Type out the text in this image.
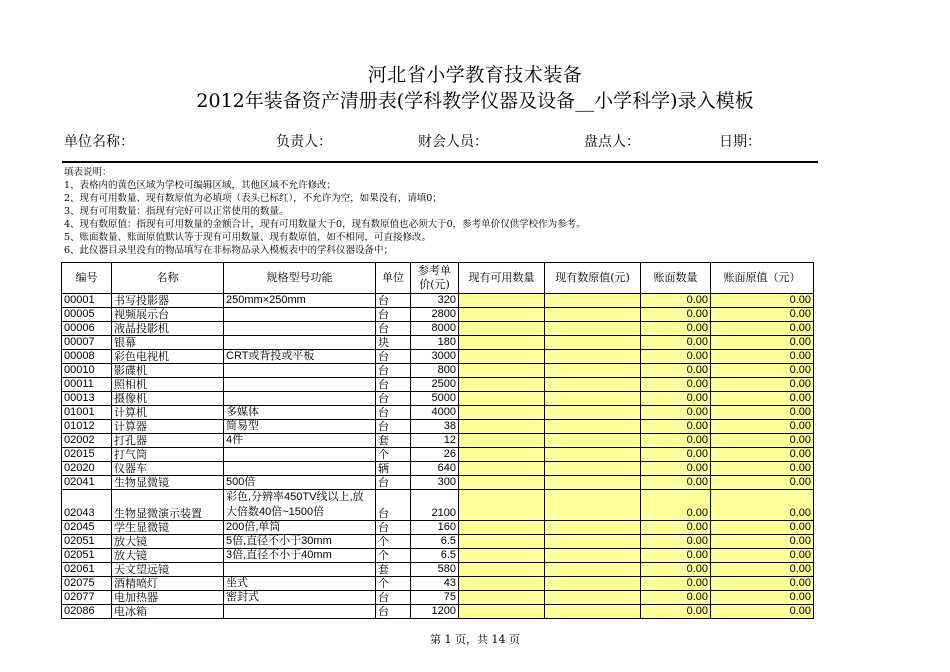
河北省小学教育技术装备
2012年装备资产清册表(学科教学仪器及设备__小学科学)录入模板
单位名称：	负责人：	财会人员：	盘点人：	日期：
填表说明：
1、表格内的黄色区域为学校可编辑区域，其他区域不允许修改；
2、现有可用数量、现有数原值为必填项（表头已标红），不允许为空，如果没有，请填0；
3、现有可用数量：指现有完好可以正常使用的数量。
4、现有数原值：指现有可用数量的金额合计，现有可用数量大于0，现有数原值也必须大于0，参考单价仅供学校作为参考。
5、账面数量、账面原值默认等于现有可用数量、现有数原值，如不相同，可直接修改。
6、此仪器目录里没有的物品填写在非标物品录入模板表中的学科仪器设备中；
编号	名称	规格型号功能	单位	参考单价(元)	现有可用数量	现有数原值(元)	账面数量	账面原值（元）
00001	书写投影器	250mm×250mm	台	320			0.00	0.00
00005	视频展示台		台	2800			0.00	0.00
00006	液晶投影机		台	8000			0.00	0.00
00007	银幕		块	180			0.00	0.00
00008	彩色电视机	CRT或背投或平板	台	3000			0.00	0.00
00010	影碟机		台	800			0.00	0.00
00011	照相机		台	2500			0.00	0.00
00013	摄像机		台	5000			0.00	0.00
01001	计算机	多媒体	台	4000			0.00	0.00
01012	计算器	简易型	台	38			0.00	0.00
02002	打孔器	4件	套	12			0.00	0.00
02015	打气筒		个	26			0.00	0.00
02020	仪器车		辆	640			0.00	0.00
02041	生物显微镜	500倍	台	300			0.00	0.00
02043	生物显微演示装置	彩色,分辨率450TV线以上,放大倍数40倍~1500倍	台	2100			0.00	0.00
02045	学生显微镜	200倍,单筒	台	160			0.00	0.00
02051	放大镜	5倍,直径不小于30mm	个	6.5			0.00	0.00
02051	放大镜	3倍,直径不小于40mm	个	6.5			0.00	0.00
02061	天文望远镜		套	580			0.00	0.00
02075	酒精喷灯	坐式	个	43			0.00	0.00
02077	电加热器	密封式	台	75			0.00	0.00
02086	电冰箱		台	1200			0.00	0.00
第 1 页，共 14 页
